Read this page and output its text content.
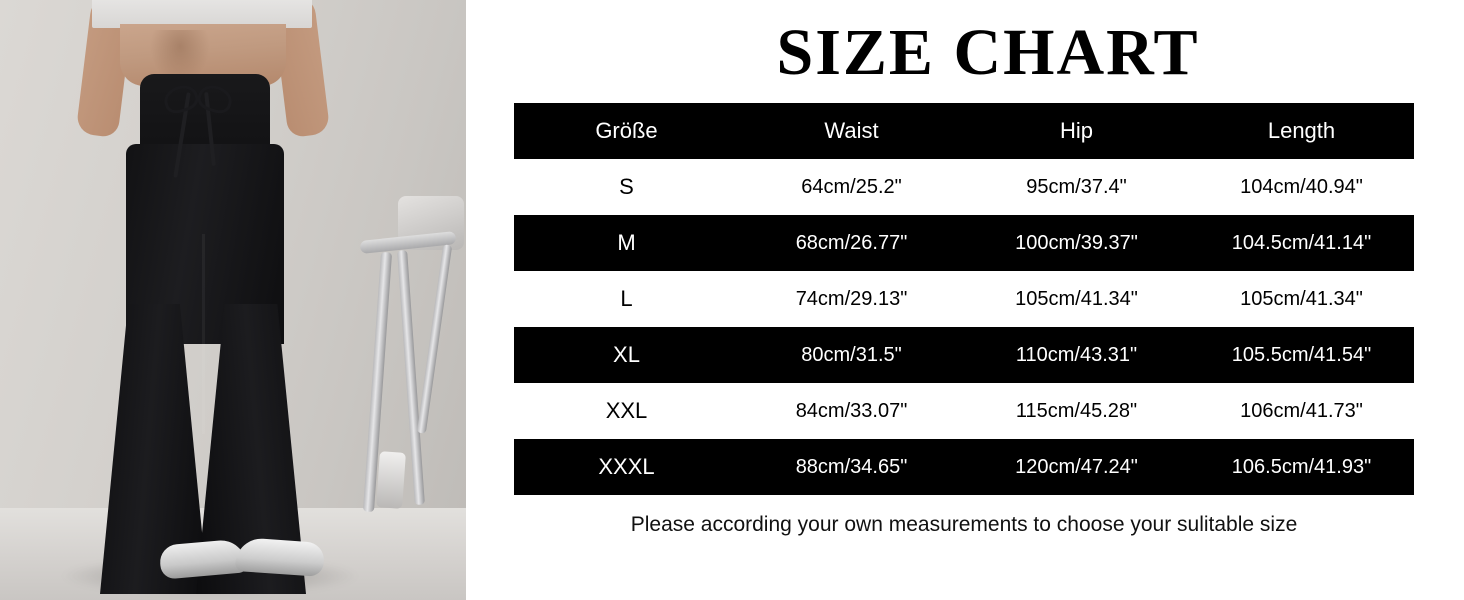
SIZE CHART
Größe	Waist	Hip	Length
S	64cm/25.2"	95cm/37.4"	104cm/40.94"
M	68cm/26.77"	100cm/39.37"	104.5cm/41.14"
L	74cm/29.13"	105cm/41.34"	105cm/41.34"
XL	80cm/31.5"	110cm/43.31"	105.5cm/41.54"
XXL	84cm/33.07"	115cm/45.28"	106cm/41.73"
XXXL	88cm/34.65"	120cm/47.24"	106.5cm/41.93"
Please according your own measurements to choose your sulitable size
